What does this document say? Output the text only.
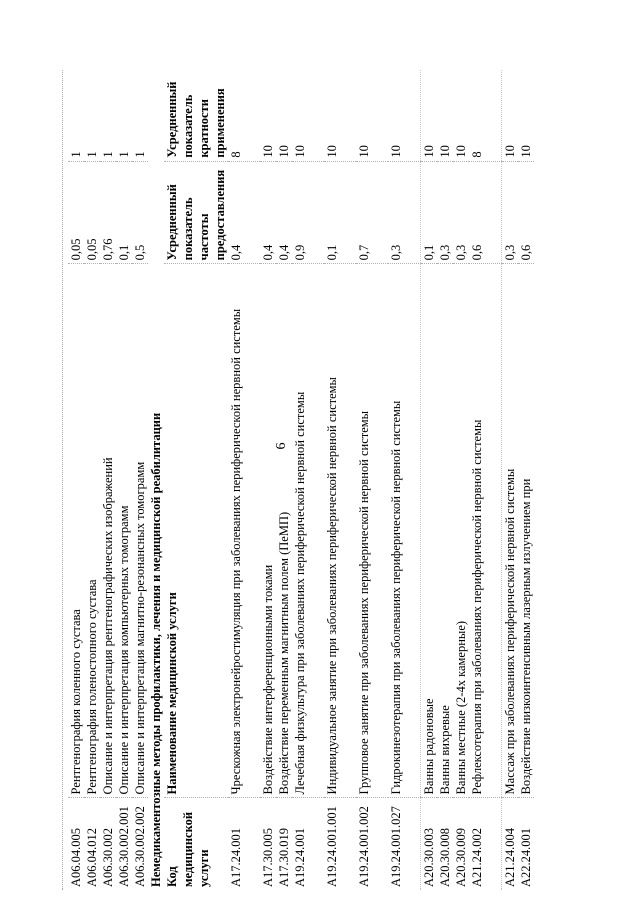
6
A06.04.005	Рентгенография коленного сустава	0,05	1
A06.04.012	Рентгенография голеностопного сустава	0,05	1
A06.30.002	Описание и интерпретация рентгенографических изображений	0,76	1
A06.30.002.001	Описание и интерпретация компьютерных томограмм	0,1	1
A06.30.002.002	Описание и интерпретация магнитно-резонансных томограмм	0,5	1
Немедикаментозные методы профилактики, лечения и медицинской реабилитации			
Код медицинской услуги	Наименование медицинской услуги	Усредненный показатель частоты предоставления	Усредненный показатель кратности применения
A17.24.001	Чрескожная электронейростимуляция при заболеваниях периферической нервной системы	0,4	8
A17.30.005	Воздействие интерференционными токами	0,4	10
A17.30.019	Воздействие переменным магнитным полем (ПеМП)	0,4	10
A19.24.001	Лечебная физкультура при заболеваниях периферической нервной системы	0,9	10
A19.24.001.001	Индивидуальное занятие при заболеваниях периферической нервной системы	0,1	10
A19.24.001.002	Групповое занятие при заболеваниях периферической нервной системы	0,7	10
A19.24.001.027	Гидрокинезотерапия при заболеваниях периферической нервной системы	0,3	10
A20.30.003	Ванны радоновые	0,1	10
A20.30.008	Ванны вихревые	0,3	10
A20.30.009	Ванны местные (2-4х камерные)	0,3	10
A21.24.002	Рефлексотерапия при заболеваниях периферической нервной системы	0,6	8
A21.24.004	Массаж при заболеваниях периферической нервной системы	0,3	10
A22.24.001	Воздействие низкоинтенсивным лазерным излучением при	0,6	10
